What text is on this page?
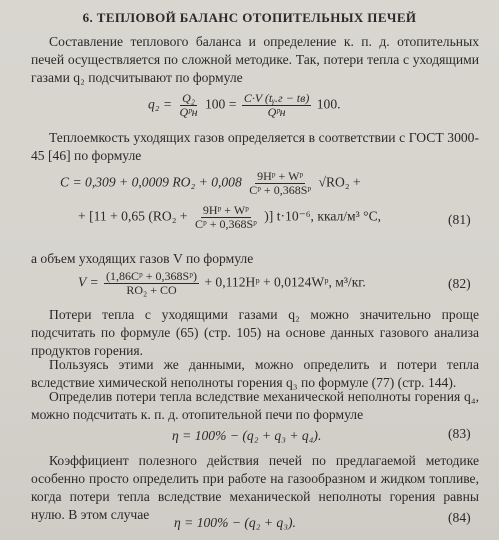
6. ТЕПЛОВОЙ БАЛАНС ОТОПИТЕЛЬНЫХ ПЕЧЕЙ
Составление теплового баланса и определение к. п. д. отопительных печей осуществляется по сложной методике. Так, потери тепла с уходящими газами q₂ подсчитывают по формуле
$q_2 = \frac{\text{Q₂}}{\text{Qᵖн}} 100 = \frac{\text{C·V (tᵧ.г − tв)}}{\text{Qᵖн}} 100$.
Теплоемкость уходящих газов определяется в соответствии с ГОСТ 3000-45 [46] по формуле
C = 0,309 + 0,0009 $RO_2 + 0,008 \frac{\text{9Hᵖ + Wᵖ}}{\text{Cᵖ + 0,368Sᵖ}} √RO_2$ +
+ [11 + 0,65 ($RO_2 + \frac{\text{9Hᵖ + Wᵖ}}{\text{Cᵖ + 0,368Sᵖ}}$ )] t·10⁻⁶, ккал/м³ °C,	(81)
а объем уходящих газов V по формуле
$V = \frac{\text{(1,86Cᵖ + 0,368Sᵖ)}}{\text{RO₂ + CO}}$ + 0,112Hᵖ + 0,0124Wᵖ, м³/кг.	(82)
Потери тепла с уходящими газами q₂ можно значительно проще подсчитать по формуле (65) (стр. 105) на основе данных газового анализа продуктов горения.
Пользуясь этими же данными, можно определить и потери тепла вследствие химической неполноты горения q₃ по формуле (77) (стр. 144).
Определив потери тепла вследствие механической неполноты горения q₄, можно подсчитать к. п. д. отопительной печи по формуле
η = 100% − (q₂ + q₃ + q₄).	(83)
Коэффициент полезного действия печей по предлагаемой методике особенно просто определить при работе на газообразном и жидком топливе, когда потери тепла вследствие механической неполноты горения равны нулю. В этом случае
η = 100% − (q₂ + q₃).	(84)
